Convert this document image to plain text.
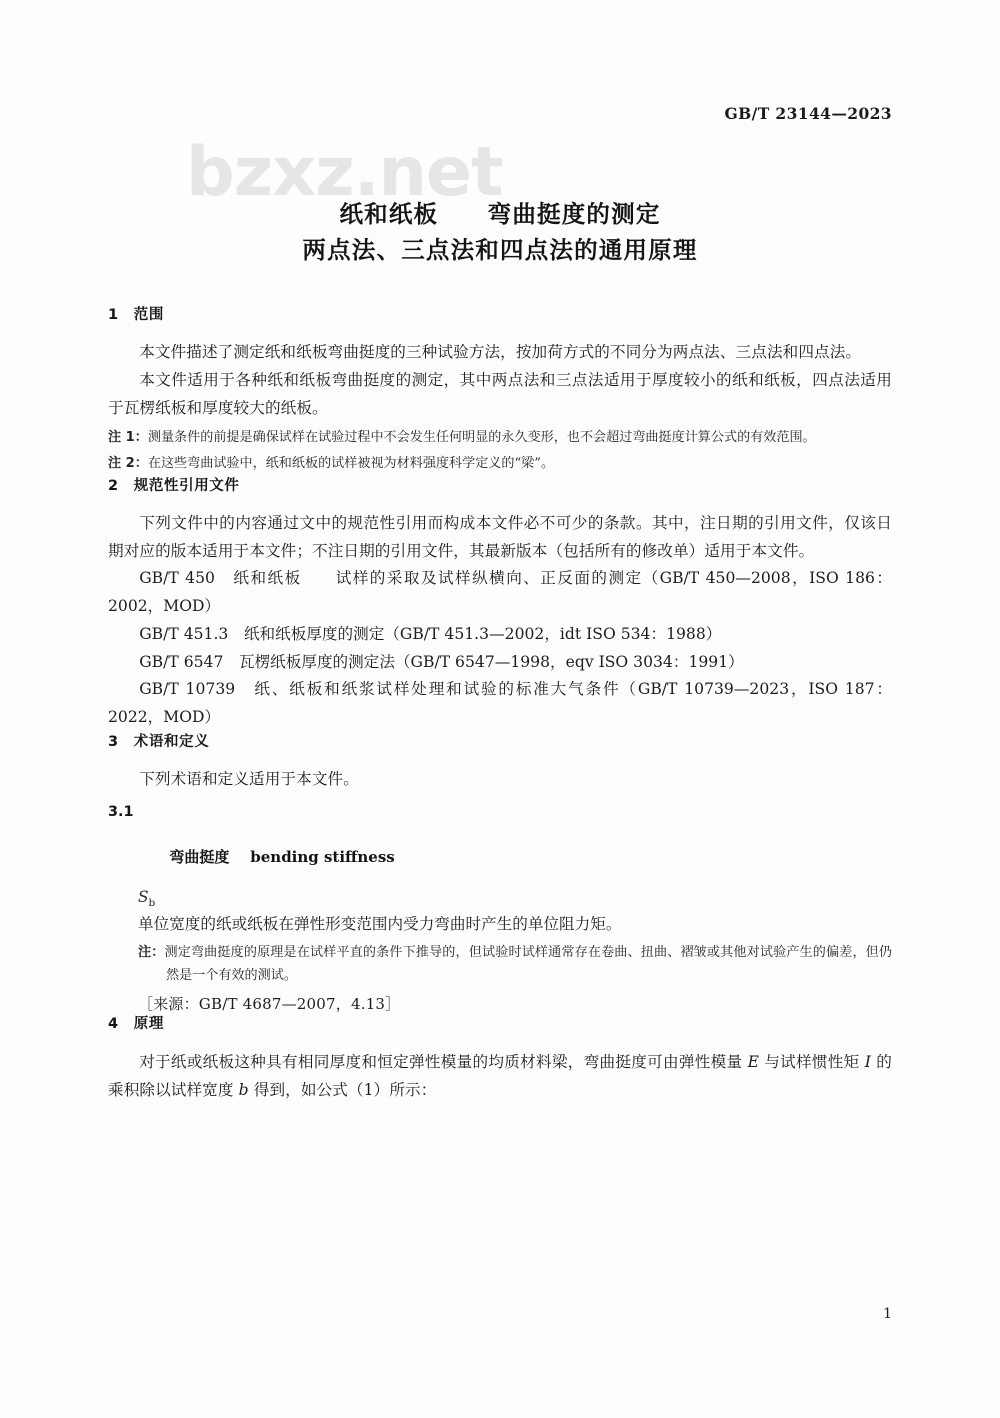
GB/T 23144—2023
bzxz.net
纸和纸板　　弯曲挺度的测定
两点法、三点法和四点法的通用原理
1　范围

本文件描述了测定纸和纸板弯曲挺度的三种试验方法，按加荷方式的不同分为两点法、三点法和四点法。

本文件适用于各种纸和纸板弯曲挺度的测定，其中两点法和三点法适用于厚度较小的纸和纸板，四点法适用于瓦楞纸板和厚度较大的纸板。

注 1：测量条件的前提是确保试样在试验过程中不会发生任何明显的永久变形，也不会超过弯曲挺度计算公式的有效范围。

注 2：在这些弯曲试验中，纸和纸板的试样被视为材料强度科学定义的“梁”。

2　规范性引用文件

下列文件中的内容通过文中的规范性引用而构成本文件必不可少的条款。其中，注日期的引用文件，仅该日期对应的版本适用于本文件；不注日期的引用文件，其最新版本（包括所有的修改单）适用于本文件。

GB/T 450　纸和纸板　　试样的采取及试样纵横向、正反面的测定（GB/T 450—2008，ISO 186：2002，MOD）

GB/T 451.3　纸和纸板厚度的测定（GB/T 451.3—2002，idt ISO 534：1988）

GB/T 6547　瓦楞纸板厚度的测定法（GB/T 6547—1998，eqv ISO 3034：1991）

GB/T 10739　纸、纸板和纸浆试样处理和试验的标准大气条件（GB/T 10739—2023，ISO 187：2022，MOD）

3　术语和定义

下列术语和定义适用于本文件。

3.1

弯曲挺度 bending stiffness

$S_b$
单位宽度的纸或纸板在弹性形变范围内受力弯曲时产生的单位阻力矩。

注：测定弯曲挺度的原理是在试样平直的条件下推导的，但试验时试样通常存在卷曲、扭曲、褶皱或其他对试验产生的偏差，但仍然是一个有效的测试。

［来源：GB/T 4687—2007，4.13］
4　原理

对于纸或纸板这种具有相同厚度和恒定弹性模量的均质材料梁，弯曲挺度可由弹性模量 E 与试样惯性矩 I 的乘积除以试样宽度 b 得到，如公式（1）所示：

1
